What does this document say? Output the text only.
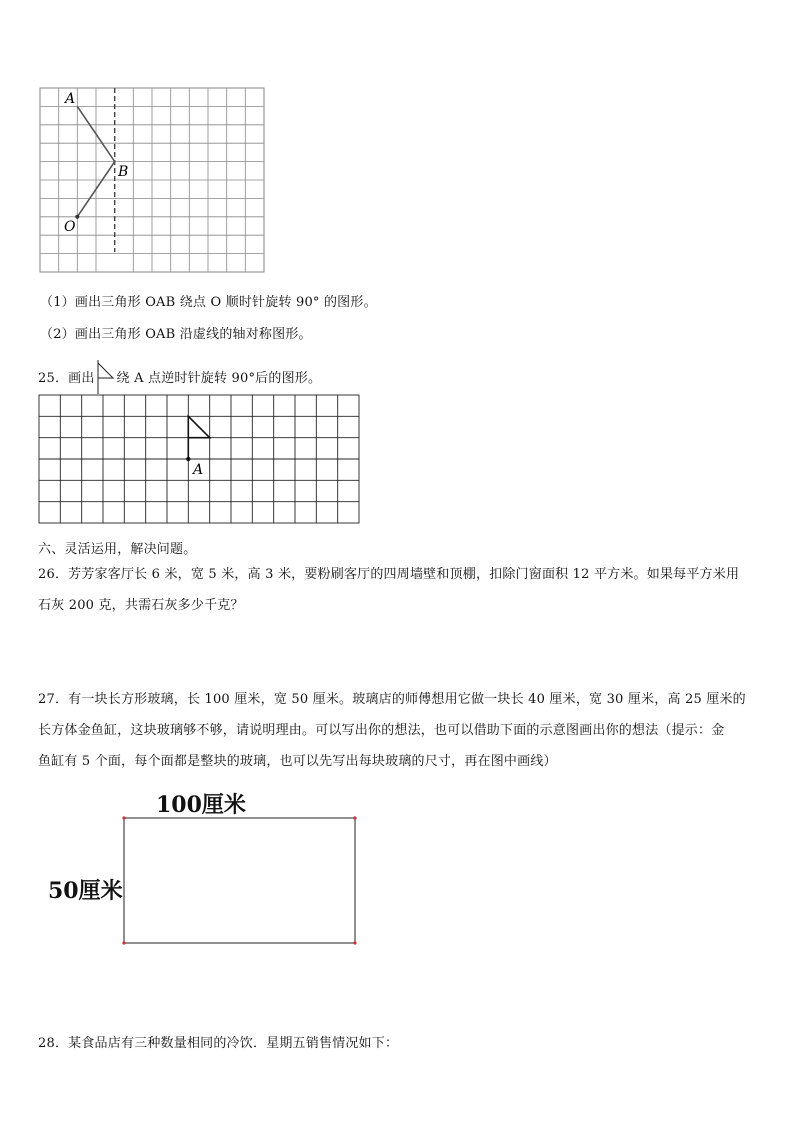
A
B
O
（1）画出三角形 OAB 绕点 O 顺时针旋转 90° 的图形。
（2）画出三角形 OAB 沿虚线的轴对称图形。
25．画出 绕 A 点逆时针旋转 90°后的图形。
A
六、灵活运用，解决问题。
26．芳芳家客厅长 6 米，宽 5 米，高 3 米，要粉刷客厅的四周墙壁和顶棚，扣除门窗面积 12 平方米。如果每平方米用
石灰 200 克，共需石灰多少千克？
27．有一块长方形玻璃，长 100 厘米，宽 50 厘米。玻璃店的师傅想用它做一块长 40 厘米，宽 30 厘米，高 25 厘米的
长方体金鱼缸，这块玻璃够不够，请说明理由。可以写出你的想法，也可以借助下面的示意图画出你的想法（提示：金
鱼缸有 5 个面，每个面都是整块的玻璃，也可以先写出每块玻璃的尺寸，再在图中画线）
100厘米
50厘米
28．某食品店有三种数量相同的冷饮．星期五销售情况如下：
